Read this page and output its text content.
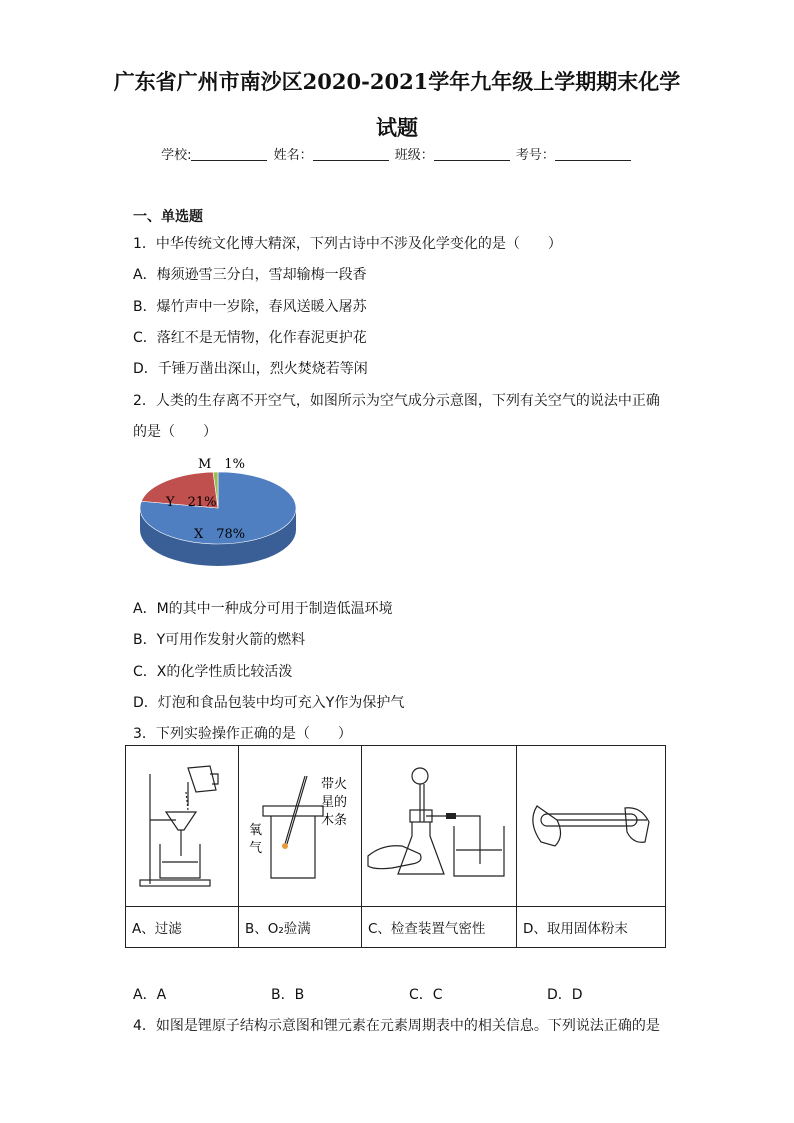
广东省广州市南沙区2020-2021学年九年级上学期期末化学
试题
学校:	姓名：	班级：	考号：
一、单选题
1．中华传统文化博大精深，下列古诗中不涉及化学变化的是（　　）
A．梅须逊雪三分白，雪却输梅一段香
B．爆竹声中一岁除，春风送暖入屠苏
C．落红不是无情物，化作春泥更护花
D．千锤万凿出深山，烈火焚烧若等闲
2．人类的生存离不开空气，如图所示为空气成分示意图，下列有关空气的说法中正确
的是（　　）
M　1%
Y　21%
X　78%
A．M的其中一种成分可用于制造低温环境
B．Y可用作发射火箭的燃料
C．X的化学性质比较活泼
D．灯泡和食品包装中均可充入Y作为保护气
3．下列实验操作正确的是（　　）

带火
星的
木条
氧
气

A、过滤	B、O₂验满	C、检查装置气密性	D、取用固体粉末
A．A	B．B	C．C	D．D
4．如图是锂原子结构示意图和锂元素在元素周期表中的相关信息。下列说法正确的是
